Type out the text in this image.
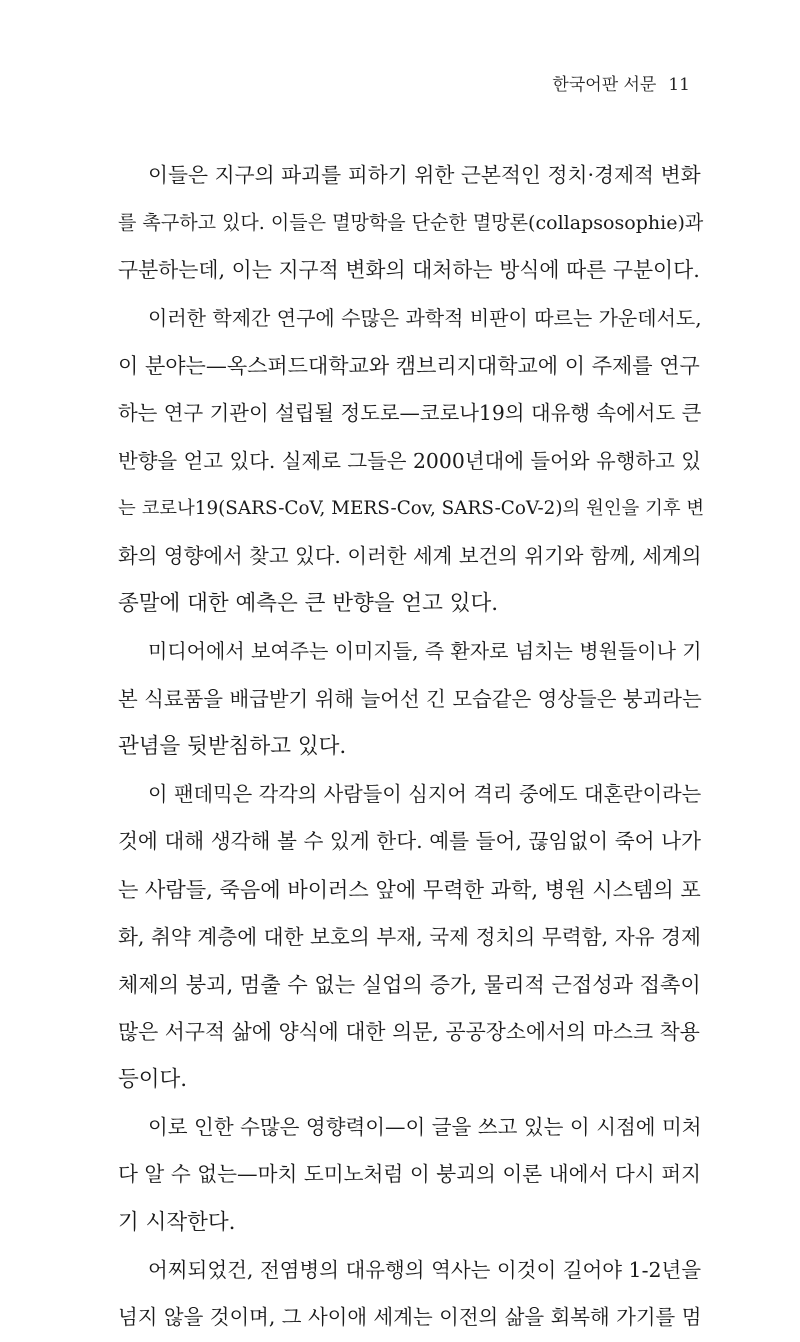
한국어판 서문 11
이들은 지구의 파괴를 피하기 위한 근본적인 정치·경제적 변화
를 촉구하고 있다. 이들은 멸망학을 단순한 멸망론(collapsosophie)과
구분하는데, 이는 지구적 변화의 대처하는 방식에 따른 구분이다.
이러한 학제간 연구에 수많은 과학적 비판이 따르는 가운데서도,
이 분야는—옥스퍼드대학교와 캠브리지대학교에 이 주제를 연구
하는 연구 기관이 설립될 정도로—코로나19의 대유행 속에서도 큰
반향을 얻고 있다. 실제로 그들은 2000년대에 들어와 유행하고 있
는 코로나19(SARS-CoV, MERS-Cov, SARS-CoV-2)의 원인을 기후 변
화의 영향에서 찾고 있다. 이러한 세계 보건의 위기와 함께, 세계의
종말에 대한 예측은 큰 반향을 얻고 있다.
미디어에서 보여주는 이미지들, 즉 환자로 넘치는 병원들이나 기
본 식료품을 배급받기 위해 늘어선 긴 모습같은 영상들은 붕괴라는
관념을 뒷받침하고 있다.
이 팬데믹은 각각의 사람들이 심지어 격리 중에도 대혼란이라는
것에 대해 생각해 볼 수 있게 한다. 예를 들어, 끊임없이 죽어 나가
는 사람들, 죽음에 바이러스 앞에 무력한 과학, 병원 시스템의 포
화, 취약 계층에 대한 보호의 부재, 국제 정치의 무력함, 자유 경제
체제의 붕괴, 멈출 수 없는 실업의 증가, 물리적 근접성과 접촉이
많은 서구적 삶에 양식에 대한 의문, 공공장소에서의 마스크 착용
등이다.
이로 인한 수많은 영향력이—이 글을 쓰고 있는 이 시점에 미처
다 알 수 없는—마치 도미노처럼 이 붕괴의 이론 내에서 다시 퍼지
기 시작한다.
어찌되었건, 전염병의 대유행의 역사는 이것이 길어야 1-2년을
넘지 않을 것이며, 그 사이애 세계는 이전의 삶을 회복해 가기를 멈
